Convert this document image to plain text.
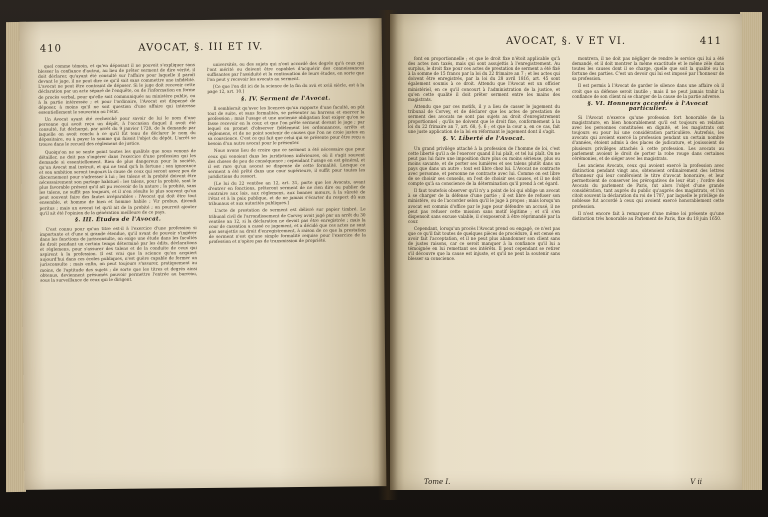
410	AVOCAT, §. III ET IV.

quel comme témoin, et qu'en déposant il ne pouvoit s'expliquer sans blesser la confiance d'autrui, au lieu de prêter serment de dire vérité, il doit déclarer, qu'ayant été consulté sur l'affaire pour laquelle il paroît devant le juge, il ne peut dire ce qu'il sait sans commettre une infidélité. L'avocat ne peut être contraint de déposer. Si le juge doit recevoir cette déclaration par un acte séparé de l'enquête, ou de l'information en forme de procès verbal, pour qu'elle soit communiquée au ministère public, ou à la partie intéressée ; et pour l'ordinaire, l'Avocat est dispensé de déposer, à moins qu'il ne soit question d'une affaire qui intéresse essentiellement le souverain ou l'état.

Un Avocat ayant été recherché pour savoir de lui le nom d'une personne qui avoit reçu un dépôt, à l'occasion duquel il avoit été consulté, fut déchargé, par arrêt du 9 janvier 1728, de la demande par laquelle on avoit conclu à ce qu'il fût tenu de déclarer le nom du dépositaire, ou à payer la somme qui faisoit l'objet du dépôt. L'arrêt se trouve dans le recueil des réglemens de justice.

Quoiqu'on ne se sente point toutes les qualités que nous venons de détailler, ne doit pas s'ingérer dans l'exercice d'une profession qui les demande si essentiellement. Rien de plus dangereux pour la société, qu'un Avocat mal instruit, et qui ne tend qu'à la fortune ; son ignorance et son ambition seront toujours la cause de ceux qui seront assez peu de discernement pour s'adresser à lui ; les talens et la probité doivent être nécessairement son partage habituel : les talens, pour la probité, sont le plus favorable présent qu'il ait pu recevoir de la nature ; la probité, sans les talens, ne suffit pas toujours, et il n'en résulte le plus souvent qu'un peut souvent faire des fautes irréparables : l'Avocat qui doit être tout ensemble, et homme de bien et homme habile ; Vir probus, dicendi peritus ; mais un avocat tel qu'il ait de la probité ; on pourroit ajouter qu'il ait été l'opinion de la génération meilleure de ce pays.

§. III. Études de l'Avocat.

C'est connu pour qu'un titre est-il à l'exercice d'une profession si importante et d'une si grande étendue, qu'il avant de pouvoir s'ingérer dans les fonctions de jurisconsulte, on exige une étude dans les facultés de droit pendant un certain temps déterminé par les édits, déclarations et règlemens, pour s'assurer des talens et de la conduite de ceux qui aspirent à la profession. Il est vrai que la science qu'on acquiert aujourd'hui dans ces écoles publiques, n'est guère capable de former un jurisconsulte ; mais enfin, on peut toujours s'assurer, pratiquement au moins, de l'aptitude des sujets ; de sorte que les titres et degrés ainsi obtenus, deviennent présumés pouvoir permettre l'entrée au barreau, sous la surveillance de ceux qui le dirigent.

universités, ou des sujets qui n'ont accordé des degrés qu'à ceux qui l'ont mérité ou doivent être capables d'acquérir des connoissances suffisantes par l'assiduité et la continuation de leurs études, en sorte que l'on peut y recevoir les avocats au serment.

[Ce que l'on dit ici de la science de la fin du xvii et xviii siècle, est à la page 12, art. 10.]

§. IV. Serment de l'Avocat.

Il semblerait qu'avec les licences qu'un rapporte d'une faculté, on pût tout de suite, et sans formalités, se présenter au barreau et exercer la profession ; mais l'usage et une ancienne obligation font exiger qu'on se fasse recevoir en la cour, et que l'on prête serment devant le juge ; par lequel on promet d'observer fidèlement les ordonnances, arrêts et règlemens, et de ne point soutenir de causes que l'on ne croie justes en sa conscience. C'est ce qui fait que celui qui se présente pour être reçu a besoin d'un autre avocat pour le présenter.

Nous avons lieu de croire que ce serment a été nécessaire que pour ceux qui venoient dans les juridictions inférieures, où il s'agit souvent des choses de peu de conséquence ; cependant l'usage en est général, et il est rare qu'un avocat se dispense de cette formalité. Lorsque ce serment a été prêté dans une cour supérieure, il suffit pour toutes les juridictions du ressort.

[Le lui du 22 ventôse an 12, art. 31, porte que les Avocats, avant d'entrer en fonctions, prêteront serment de ne rien dire ou publier de contraire aux lois, aux règlemens, aux bonnes mœurs, à la sûreté de l'état et à la paix publique, et de ne jamais s'écarter du respect dû aux tribunaux et aux autorités publiques.]

L'acte de prestation de serment est délivré sur papier timbré. Le tribunal civil de l'arrondissement de Corvey avoit jugé par un arrêt du 30 ventôse an 12, si la déclaration ne devoit pas être enregistrée ; mais la cour de cassation a cassé ce jugement, et a décidé que ces actes ne sont pas assujettis au droit d'enregistrement, à raison de ce que la prestation de serment n'est qu'une simple formalité requise pour l'exercice de la profession et n'opère pas de transmission de propriété.

AVOCAT, §. V ET VI.	411

font en proportionnelle ; et que le droit fixe n'étoit applicable qu'à des actes non taxés, mais qui sont assujettis à l'enregistrement. Au surplus, le droit fixe pour ces actes de prestation de serment a été fixé à la somme de 15 francs par la loi du 22 frimaire an 7 ; et les actes qui doivent être enregistrés, par la loi du 28 avril 1816, art. 45 sont également soumis à ce droit. Attendu que l'Avocat est un officier ministériel, en ce qu'il concourt à l'administration de la justice, et qu'en cette qualité il doit prêter serment entre les mains des magistrats.

Attendu que par ces motifs, il y a lieu de casser le jugement du tribunal de Corvey, et de déclarer que les actes de prestation de serment des avocats ne sont pas sujets au droit d'enregistrement proportionnel ; qu'ils ne doivent que le droit fixe, conformément à la loi du 22 frimaire an 7, art. 68, §. 6 ; et que la cour a, en ce cas, fait une juste application de la loi en réformant le jugement dont il s'agit.

§. V. Liberté de l'Avocat.

Un grand privilège attaché à la profession de l'homme de loi, c'est cette liberté qu'il a de l'exercer quand il lui plaît, et tel lui plaît. On ne peut pas lui faire une imposition dure plus ou moins sérieuse, plus ou moins savante, et de porter ses lumières et ses talens plutôt dans un pays que dans un autre : tout est libre chez lui. L'Avocat ne contracte avec personne, et personne ne contracte avec lui. Comme on est libre de se choisir ses conseils, on l'est de choisir ses causes, et il ne doit compte qu'à sa conscience de la détermination qu'il prend à cet égard.

Il faut toutefois observer qu'il n'y a point de loi qui oblige un avocat à se charger de la défense d'une partie ; il est libre de refuser son ministère, ou de l'accorder selon qu'il le juge à propos ; mais lorsqu'un avocat est commis d'office par le juge pour défendre un accusé, il ne peut pas refuser cette mission sans motif légitime ; et s'il s'en dispensoit sans excuse valable, il s'exposeroit à être réprimandé par la cour.

Cependant, lorsqu'un procès l'Avocat prend ou engagé, ce n'est pas que ce qu'il fait toutes de quelques pièces de procédure, il est censé en avoir fait l'acceptation, et il ne peut plus abandonner son client sans de justes raisons, car ce seroit manquer à la confiance qu'il lui a témoignée en lui remettant ses intérêts. Il peut cependant se retirer s'il découvre que la cause est injuste, et qu'il ne peut la soutenir sans blesser sa conscience.

montrera, il ne doit pas négliger de rendre le service qui lui a été demandé, et il doit montrer la même exactitude et le même zèle dans toutes les causes dont il se charge, quelle que soit la qualité ou la fortune des parties. C'est un devoir qui lui est imposé par l'honneur de sa profession.

Il est permis à l'Avocat de garder le silence dans une affaire où il croit que sa défense seroit inutile ; mais il ne peut jamais trahir la confiance de son client ni se charger de la cause de la partie adverse.

§. VI. Honneurs accordés à l'Avocat particulier.

Si l'Avocat n'exerce qu'une profession fort honorable de la magistrature, en bien honorablement qu'il est toujours en relation avec les personnes constituées en dignité, et les magistrats ont toujours eu pour lui une considération particulière. Autrefois, les avocats qui avoient exercé la profession pendant un certain nombre d'années, étoient admis à des places de judicature, et jouissoient de plusieurs privilèges attachés à cette profession. Les avocats au parlement avoient le droit de porter la robe rouge dans certaines cérémonies, et de siéger avec les magistrats.

Les anciens Avocats, ceux qui avoient exercé la profession avec distinction pendant vingt ans, obtenoient ordinairement des lettres d'honneur qui leur conféroient le titre d'avocat honoraire, et leur permettoient de conserver les prérogatives de leur état ; l'ordre des Avocats du parlement de Paris, fut alors l'objet d'une grande considération, tant auprès du public qu'auprès des magistrats, et l'on citoit souvent la déclaration du roi de 1707, par laquelle le privilège de noblesse fut accordé à ceux qui avoient exercé honorablement cette profession.

Il n'est encore fait à remarquer d'une même loi présente qu'une distinction très honorable au Parlement de Paris, fixe du 18 juin 1650.

Tome I.	V ii
